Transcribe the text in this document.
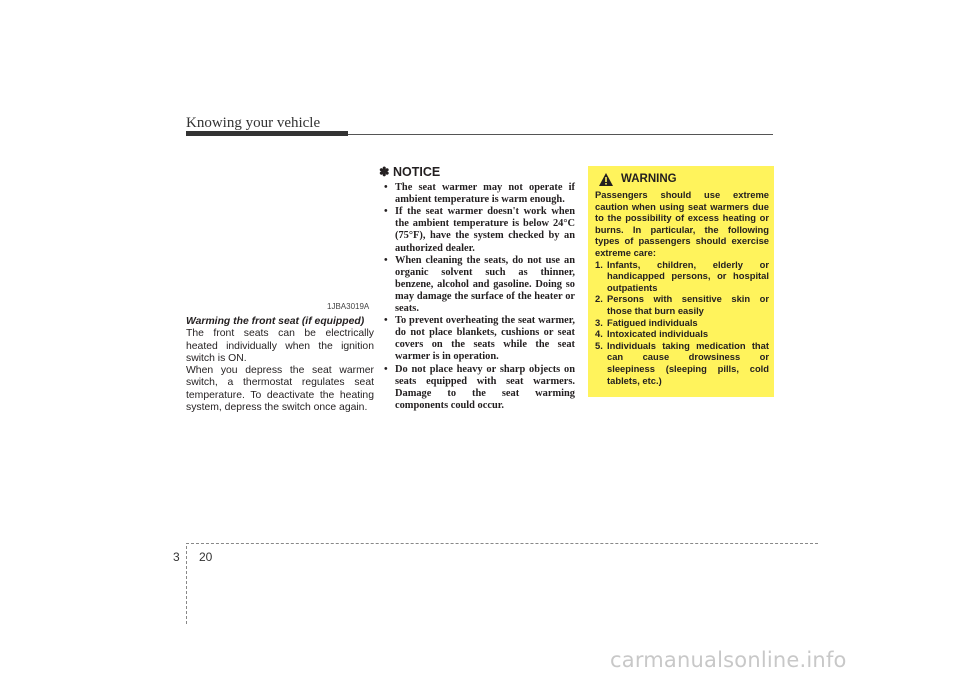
Knowing your vehicle
1JBA3019A

Warming the front seat (if equipped)

The front seats can be electrically heated individually when the ignition switch is ON.

When you depress the seat warmer switch, a thermostat regulates seat temperature. To deactivate the heating system, depress the switch once again.

✽ NOTICE
• The seat warmer may not operate if ambient temperature is warm enough.
• If the seat warmer doesn't work when the ambient temperature is below 24°C (75°F), have the system checked by an authorized dealer.
• When cleaning the seats, do not use an organic solvent such as thinner, benzene, alcohol and gasoline. Doing so may damage the surface of the heater or seats.
• To prevent overheating the seat warmer, do not place blankets, cushions or seat covers on the seats while the seat warmer is in operation.
• Do not place heavy or sharp objects on seats equipped with seat warmers. Damage to the seat warming components could occur.
WARNING

Passengers should use extreme caution when using seat warmers due to the possibility of excess heating or burns. In particular, the following types of passengers should exercise extreme care:

1. Infants, children, elderly or handicapped persons, or hospital outpatients
2. Persons with sensitive skin or those that burn easily
3. Fatigued individuals
4. Intoxicated individuals
5. Individuals taking medication that can cause drowsiness or sleepiness (sleeping pills, cold tablets, etc.)
3 20
carmanualsonline.info
